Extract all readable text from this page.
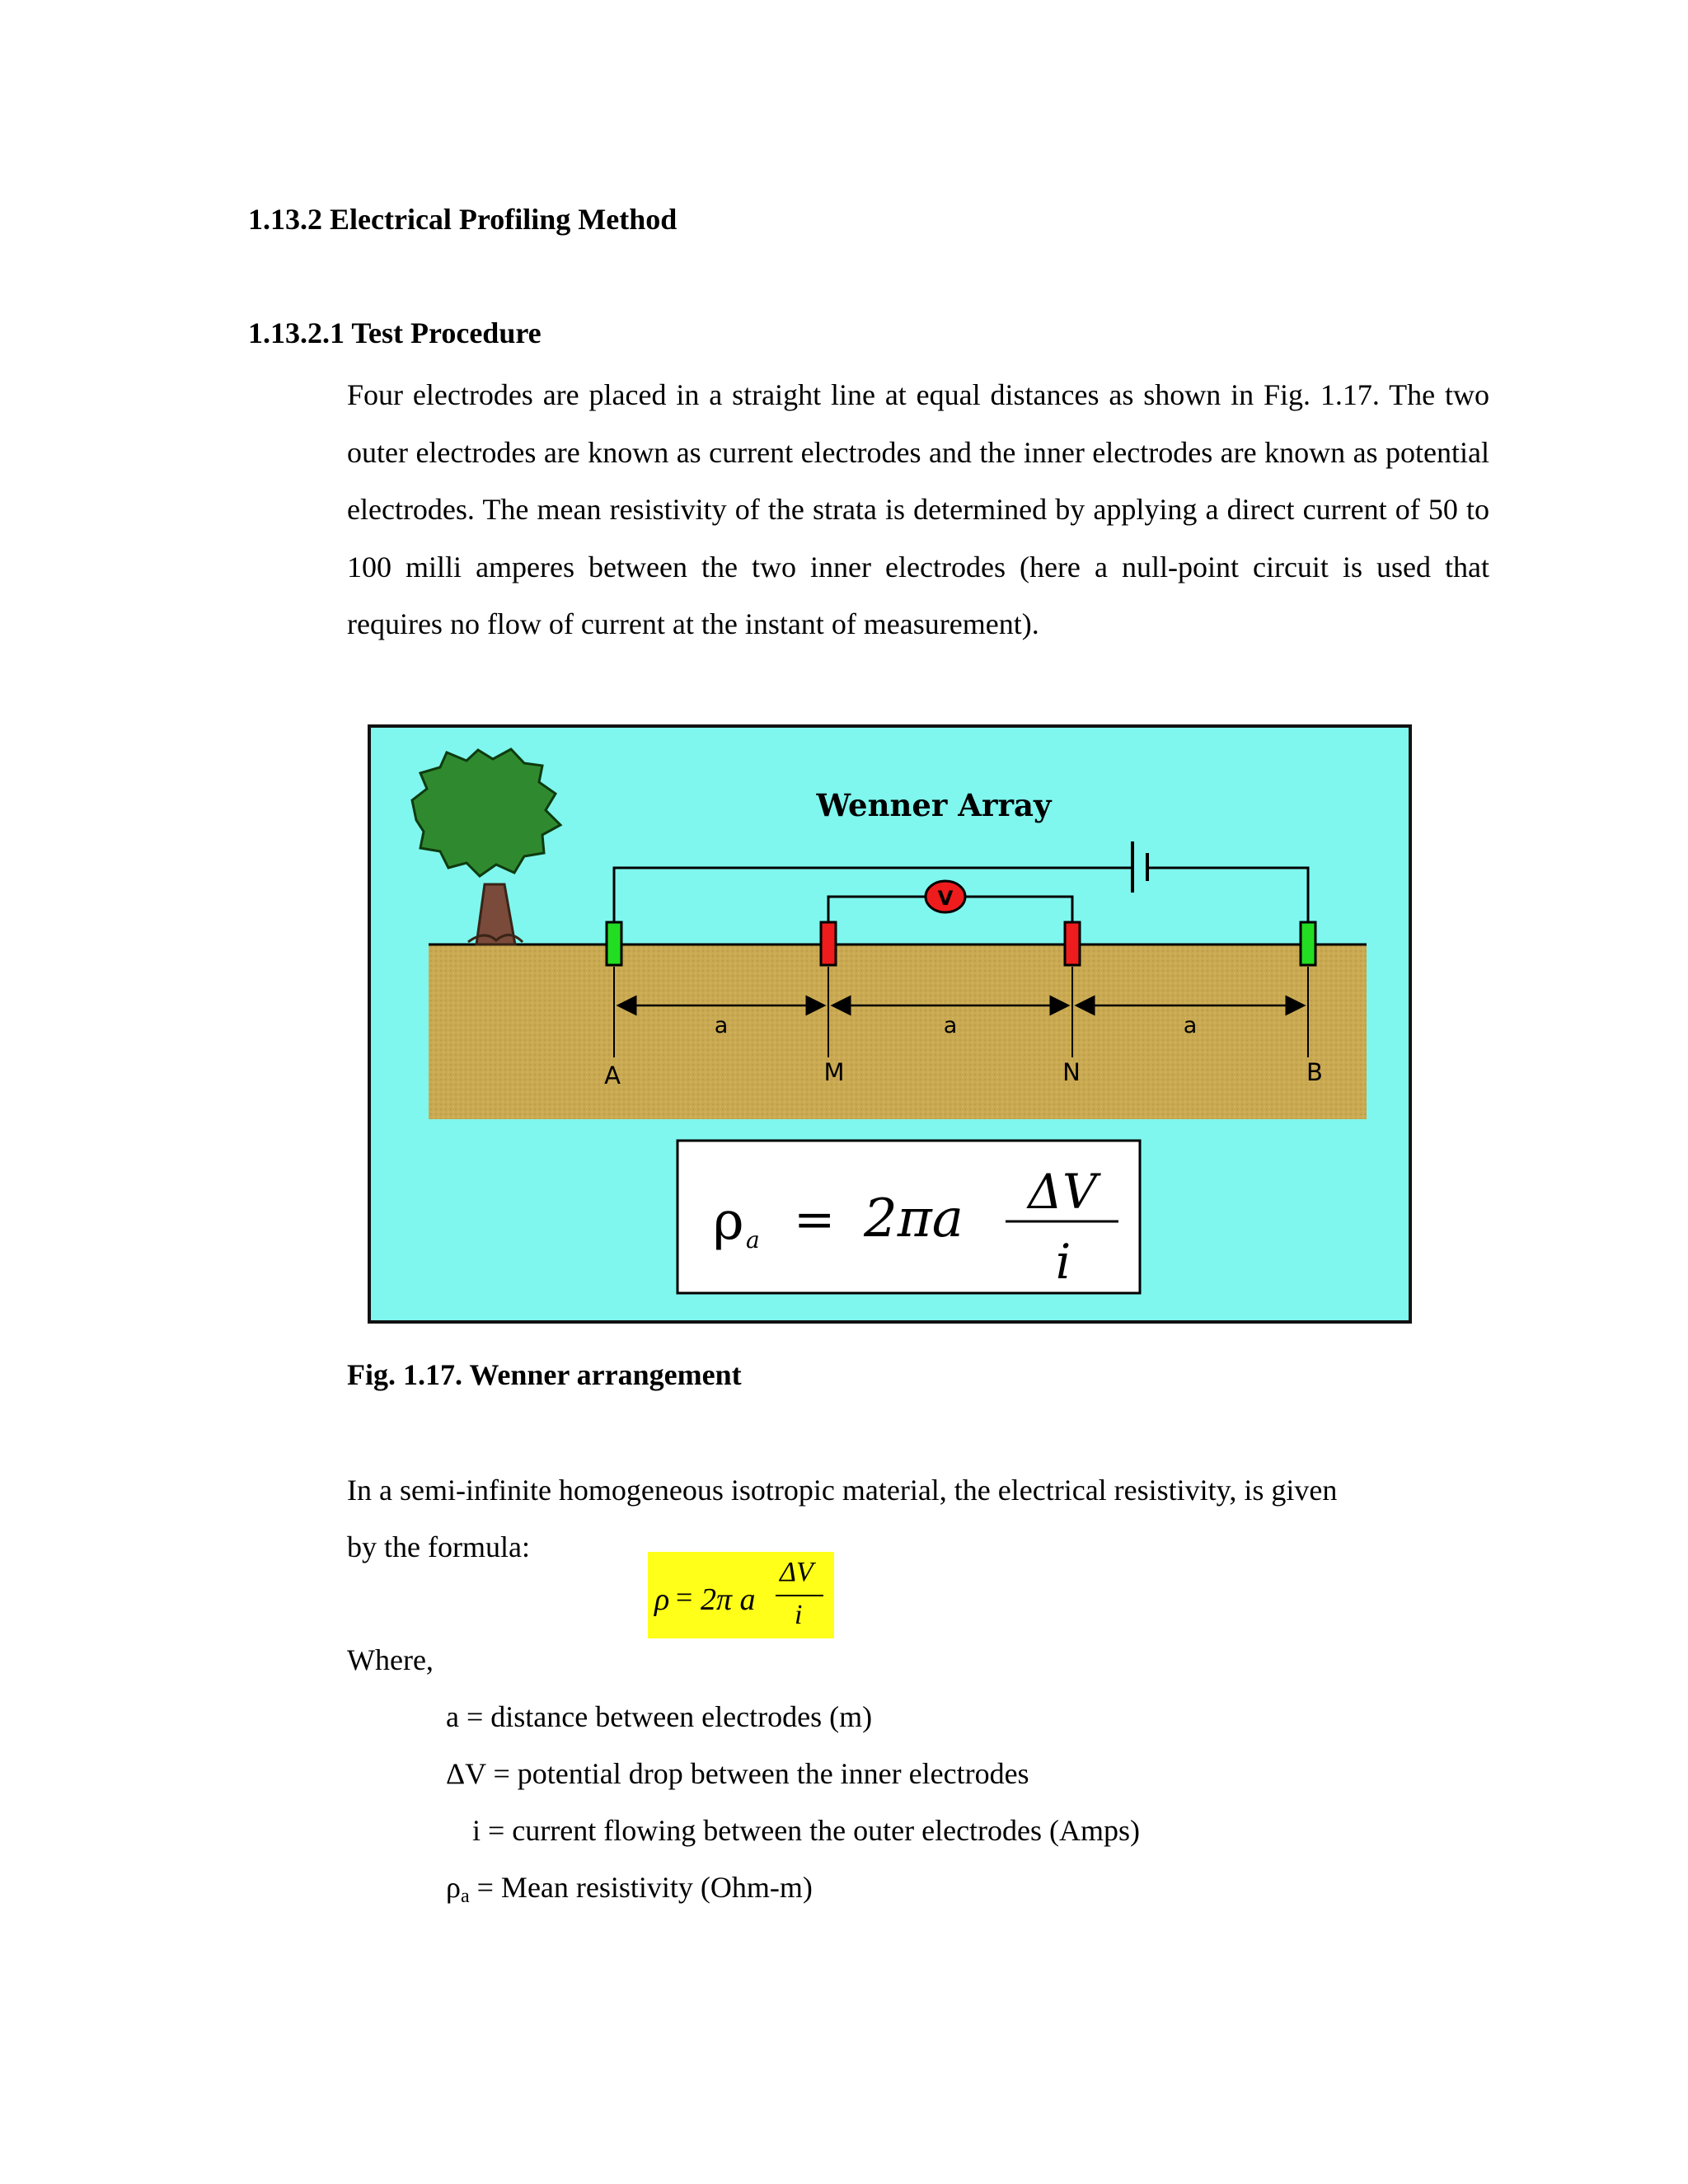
1.13.2 Electrical Profiling Method
1.13.2.1 Test Procedure

Four electrodes are placed in a straight line at equal distances as shown in Fig. 1.17. The two outer electrodes are known as current electrodes and the inner electrodes are known as potential electrodes. The mean resistivity of the strata is determined by applying a direct current of 50 to 100 milli amperes between the two inner electrodes (here a null-point circuit is used that requires no flow of current at the instant of measurement).

Wenner Array
V
a	a	a
A	M	N	B
ρ a = 2πa ΔV
i

Fig. 1.17. Wenner arrangement

In a semi-infinite homogeneous isotropic material, the electrical resistivity, is given

by the formula:

ρ = 2π a
ΔV
i

Where,

a = distance between electrodes (m)

ΔV = potential drop between the inner electrodes

i = current flowing between the outer electrodes (Amps)

$\rho_a$ = Mean resistivity (Ohm-m)
